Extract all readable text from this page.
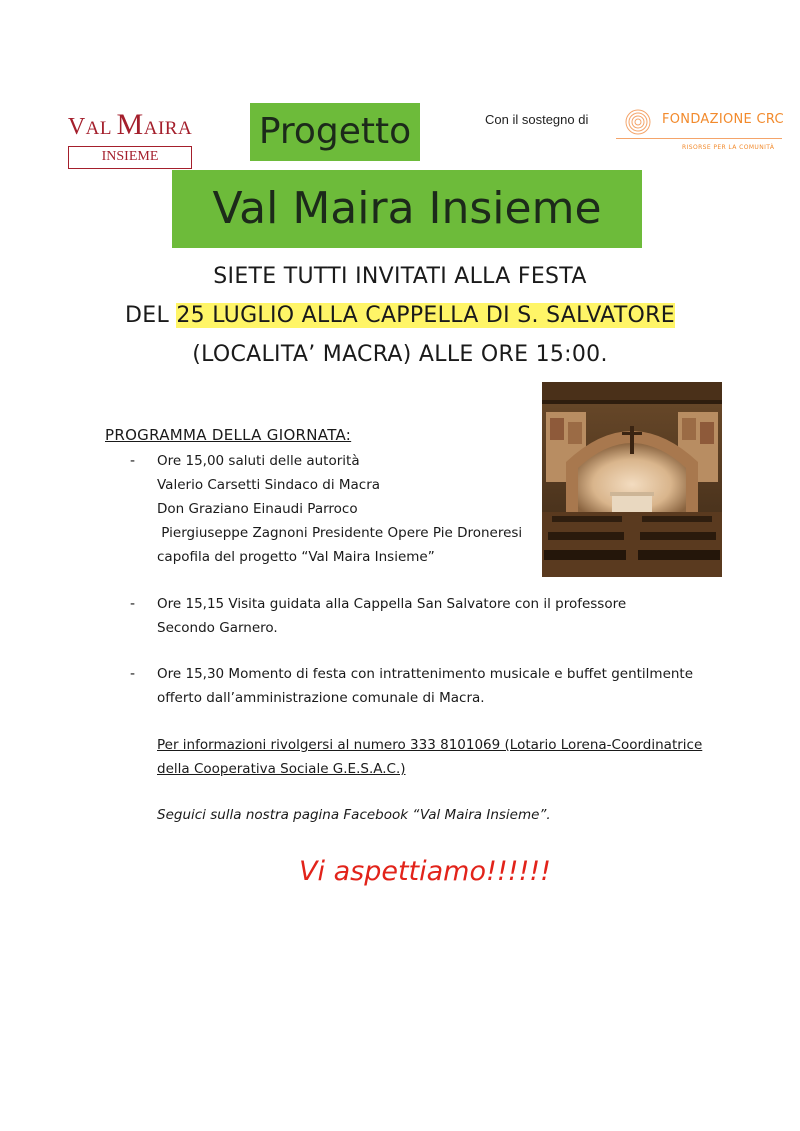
VAL MAIRA
INSIEME
Progetto	Con il sostegno di	FONDAZIONE CRC
RISORSE PER LA COMUNITÀ
Val Maira Insieme
SIETE TUTTI INVITATI ALLA FESTA
DEL 25 LUGLIO ALLA CAPPELLA DI S. SALVATORE
(LOCALITA’ MACRA) ALLE ORE 15:00.
PROGRAMMA DELLA GIORNATA:
- Ore 15,00 saluti delle autorità
Valerio Carsetti Sindaco di Macra
Don Graziano Einaudi Parroco
Piergiuseppe Zagnoni Presidente Opere Pie Droneresi
capofila del progetto “Val Maira Insieme”
- Ore 15,15 Visita guidata alla Cappella San Salvatore con il professore
Secondo Garnero.
- Ore 15,30 Momento di festa con intrattenimento musicale e buffet gentilmente
offerto dall’amministrazione comunale di Macra.
Per informazioni rivolgersi al numero 333 8101069 (Lotario Lorena-Coordinatrice
della Cooperativa Sociale G.E.S.A.C.)
Seguici sulla nostra pagina Facebook “Val Maira Insieme”.
Vi aspettiamo!!!!!!
